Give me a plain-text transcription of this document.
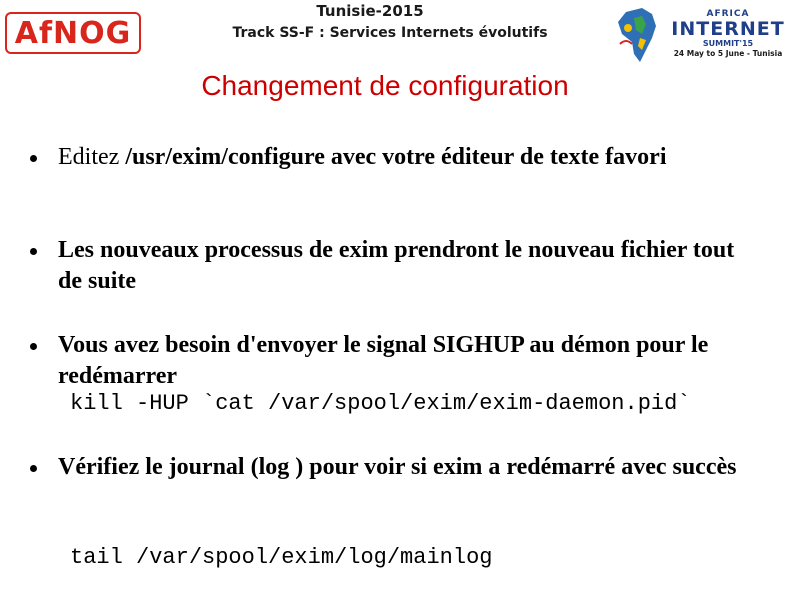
AfNOG
Tunisie-2015
Track SS-F : Services Internets évolutifs
AFRICA
INTERNET
SUMMIT'15
24 May to 5 June - Tunisia
Changement de configuration
Editez /usr/exim/configure avec votre éditeur de texte favori
Les nouveaux processus de exim prendront le nouveau fichier tout de suite
Vous avez besoin d'envoyer le signal SIGHUP au démon pour le redémarrer
kill -HUP `cat /var/spool/exim/exim-daemon.pid`
Vérifiez le journal (log ) pour voir si exim a redémarré avec succès
tail /var/spool/exim/log/mainlog
